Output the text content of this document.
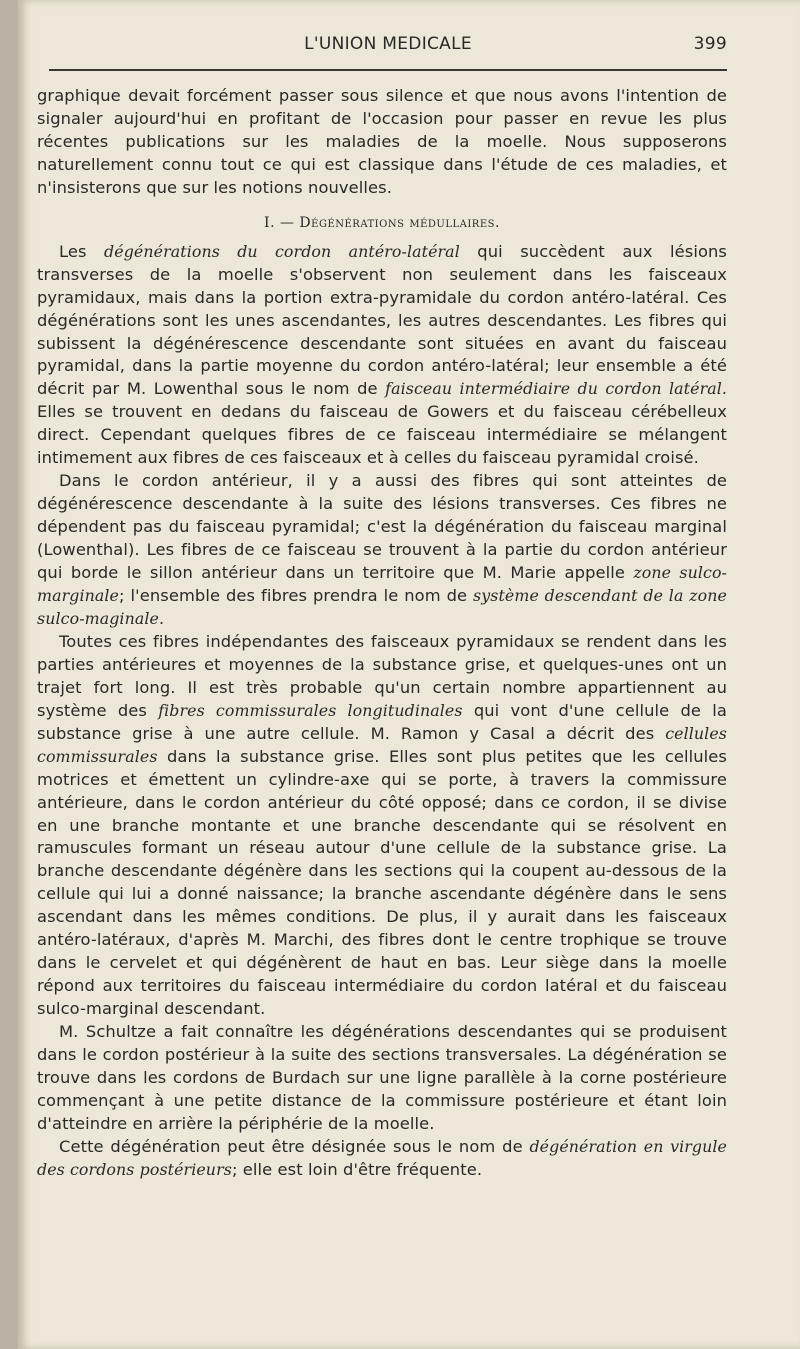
L'UNION MEDICALE	399

graphique devait forcément passer sous silence et que nous avons l'intention de signaler aujourd'hui en profitant de l'occasion pour passer en revue les plus récentes publications sur les maladies de la moelle. Nous supposerons naturellement connu tout ce qui est classique dans l'étude de ces maladies, et n'insisterons que sur les notions nouvelles.

I. — Dégénérations médullaires.

Les dégénérations du cordon antéro-latéral qui succèdent aux lésions transverses de la moelle s'observent non seulement dans les faisceaux pyramidaux, mais dans la portion extra-pyramidale du cordon antéro-latéral. Ces dégénérations sont les unes ascendantes, les autres descendantes. Les fibres qui subissent la dégénérescence descendante sont situées en avant du faisceau pyramidal, dans la partie moyenne du cordon antéro-latéral; leur ensemble a été décrit par M. Lowenthal sous le nom de faisceau intermédiaire du cordon latéral. Elles se trouvent en dedans du faisceau de Gowers et du faisceau cérébelleux direct. Cependant quelques fibres de ce faisceau intermédiaire se mélangent intimement aux fibres de ces faisceaux et à celles du faisceau pyramidal croisé.

Dans le cordon antérieur, il y a aussi des fibres qui sont atteintes de dégénérescence descendante à la suite des lésions transverses. Ces fibres ne dépendent pas du faisceau pyramidal; c'est la dégénération du faisceau marginal (Lowenthal). Les fibres de ce faisceau se trouvent à la partie du cordon antérieur qui borde le sillon antérieur dans un territoire que M. Marie appelle zone sulco-marginale; l'ensemble des fibres prendra le nom de système descendant de la zone sulco-maginale.

Toutes ces fibres indépendantes des faisceaux pyramidaux se rendent dans les parties antérieures et moyennes de la substance grise, et quelques-unes ont un trajet fort long. Il est très probable qu'un certain nombre appartiennent au système des fibres commissurales longitudinales qui vont d'une cellule de la substance grise à une autre cellule. M. Ramon y Casal a décrit des cellules commissurales dans la substance grise. Elles sont plus petites que les cellules motrices et émettent un cylindre-axe qui se porte, à travers la commissure antérieure, dans le cordon antérieur du côté opposé; dans ce cordon, il se divise en une branche montante et une branche descendante qui se résolvent en ramuscules formant un réseau autour d'une cellule de la substance grise. La branche descendante dégénère dans les sections qui la coupent au-dessous de la cellule qui lui a donné naissance; la branche ascendante dégénère dans le sens ascendant dans les mêmes conditions. De plus, il y aurait dans les faisceaux antéro-latéraux, d'après M. Marchi, des fibres dont le centre trophique se trouve dans le cervelet et qui dégénèrent de haut en bas. Leur siège dans la moelle répond aux territoires du faisceau intermédiaire du cordon latéral et du faisceau sulco-marginal descendant.

M. Schultze a fait connaître les dégénérations descendantes qui se produisent dans le cordon postérieur à la suite des sections transversales. La dégénération se trouve dans les cordons de Burdach sur une ligne parallèle à la corne postérieure commençant à une petite distance de la commissure postérieure et étant loin d'atteindre en arrière la périphérie de la moelle.

Cette dégénération peut être désignée sous le nom de dégénération en virgule des cordons postérieurs; elle est loin d'être fréquente.
